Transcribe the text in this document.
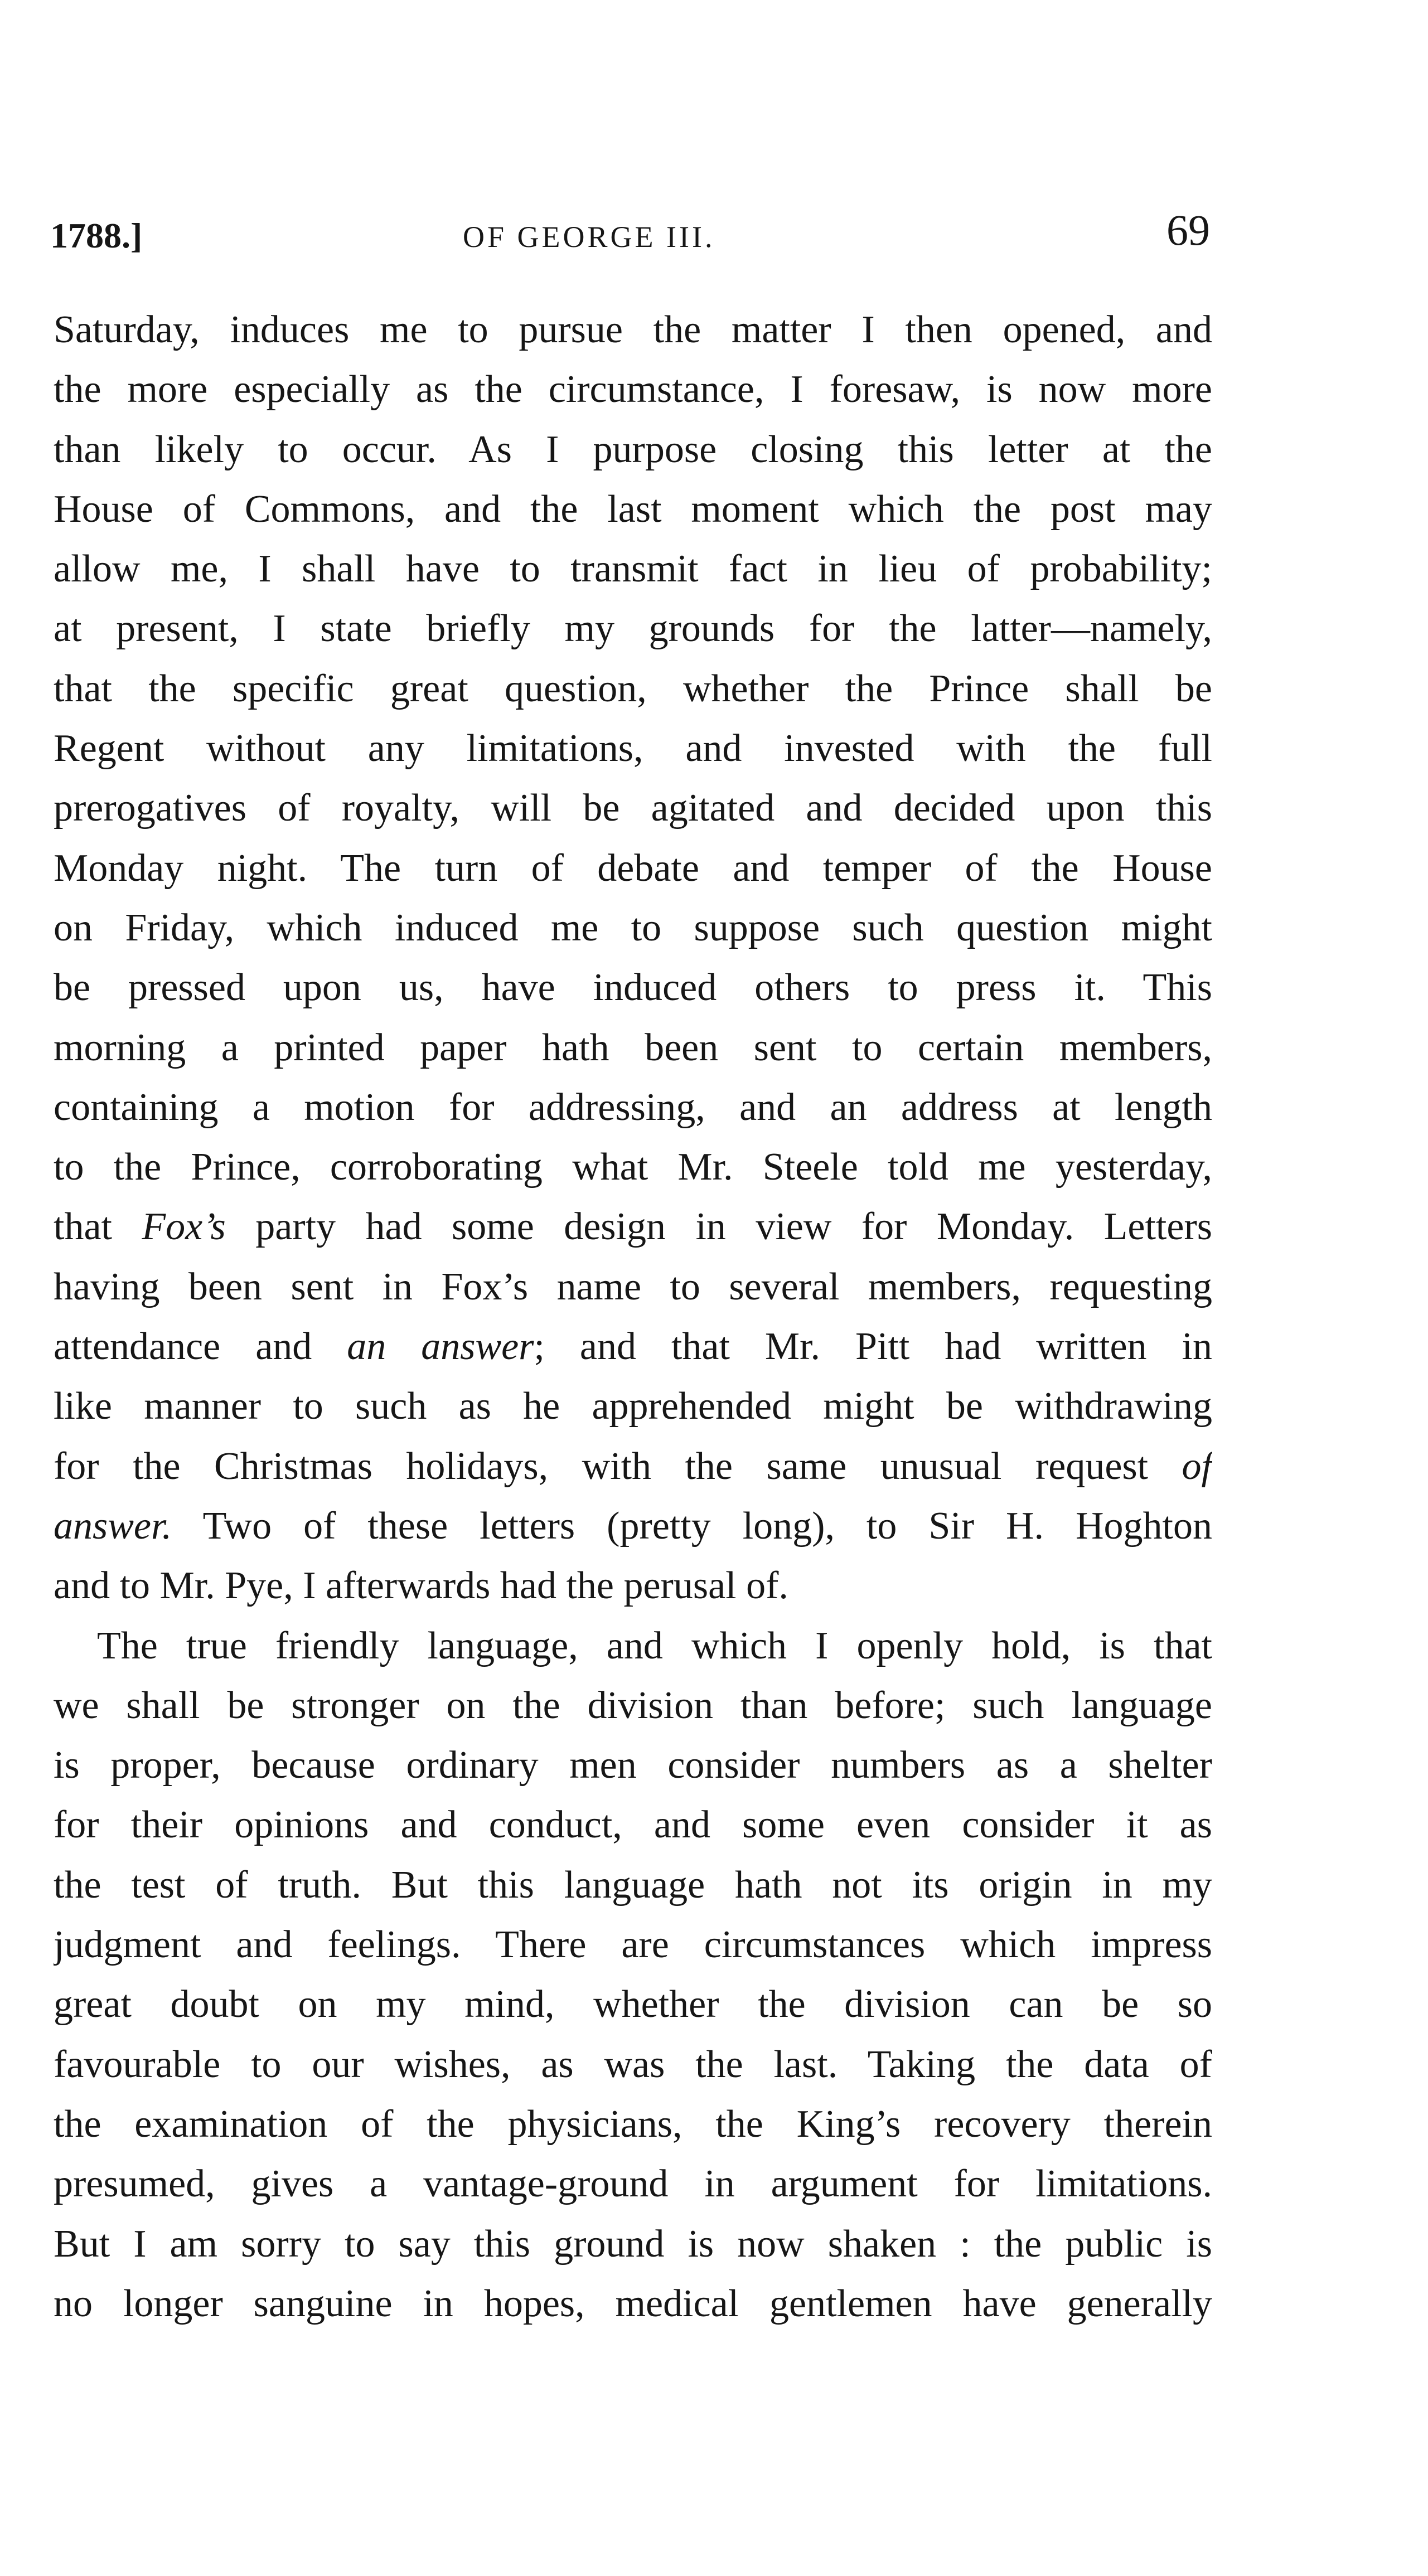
1788.]	OF GEORGE III.	69
Saturday, induces me to pursue the matter I then opened, and
the more especially as the circumstance, I foresaw, is now more
than likely to occur. As I purpose closing this letter at the
House of Commons, and the last moment which the post may
allow me, I shall have to transmit fact in lieu of probability;
at present, I state briefly my grounds for the latter—namely,
that the specific great question, whether the Prince shall be
Regent without any limitations, and invested with the full
prerogatives of royalty, will be agitated and decided upon this
Monday night. The turn of debate and temper of the House
on Friday, which induced me to suppose such question might
be pressed upon us, have induced others to press it. This
morning a printed paper hath been sent to certain members,
containing a motion for addressing, and an address at length
to the Prince, corroborating what Mr. Steele told me yesterday,
that Fox’s party had some design in view for Monday. Letters
having been sent in Fox’s name to several members, requesting
attendance and an answer; and that Mr. Pitt had written in
like manner to such as he apprehended might be withdrawing
for the Christmas holidays, with the same unusual request of
answer. Two of these letters (pretty long), to Sir H. Hoghton
and to Mr. Pye, I afterwards had the perusal of.
The true friendly language, and which I openly hold, is that
we shall be stronger on the division than before; such language
is proper, because ordinary men consider numbers as a shelter
for their opinions and conduct, and some even consider it as
the test of truth. But this language hath not its origin in my
judgment and feelings. There are circumstances which impress
great doubt on my mind, whether the division can be so
favourable to our wishes, as was the last. Taking the data of
the examination of the physicians, the King’s recovery therein
presumed, gives a vantage-ground in argument for limitations.
But I am sorry to say this ground is now shaken : the public is
no longer sanguine in hopes, medical gentlemen have generally
